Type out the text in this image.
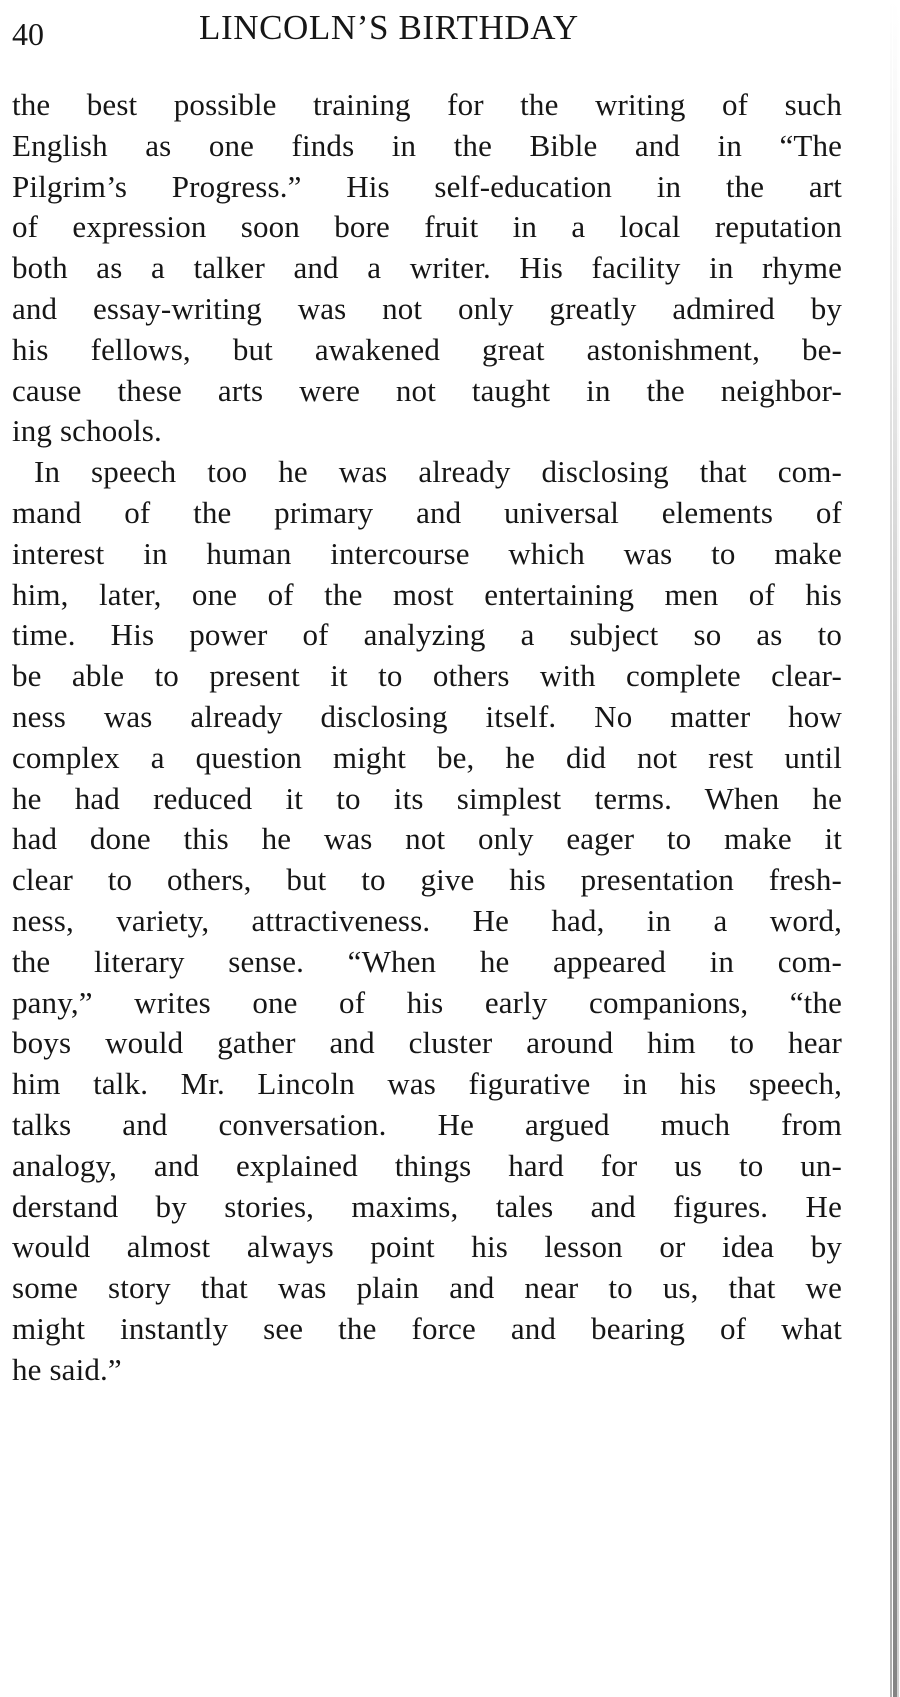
40	LINCOLN’S BIRTHDAY

the best possible training for the writing of such
English as one finds in the Bible and in “The
Pilgrim’s Progress.” His self-education in the art
of expression soon bore fruit in a local reputation
both as a talker and a writer. His facility in rhyme
and essay-writing was not only greatly admired by
his fellows, but awakened great astonishment, be-
cause these arts were not taught in the neighbor-
ing schools.

In speech too he was already disclosing that com-
mand of the primary and universal elements of
interest in human intercourse which was to make
him, later, one of the most entertaining men of his
time. His power of analyzing a subject so as to
be able to present it to others with complete clear-
ness was already disclosing itself. No matter how
complex a question might be, he did not rest until
he had reduced it to its simplest terms. When he
had done this he was not only eager to make it
clear to others, but to give his presentation fresh-
ness, variety, attractiveness. He had, in a word,
the literary sense. “When he appeared in com-
pany,” writes one of his early companions, “the
boys would gather and cluster around him to hear
him talk. Mr. Lincoln was figurative in his speech,
talks and conversation. He argued much from
analogy, and explained things hard for us to un-
derstand by stories, maxims, tales and figures. He
would almost always point his lesson or idea by
some story that was plain and near to us, that we
might instantly see the force and bearing of what
he said.”
